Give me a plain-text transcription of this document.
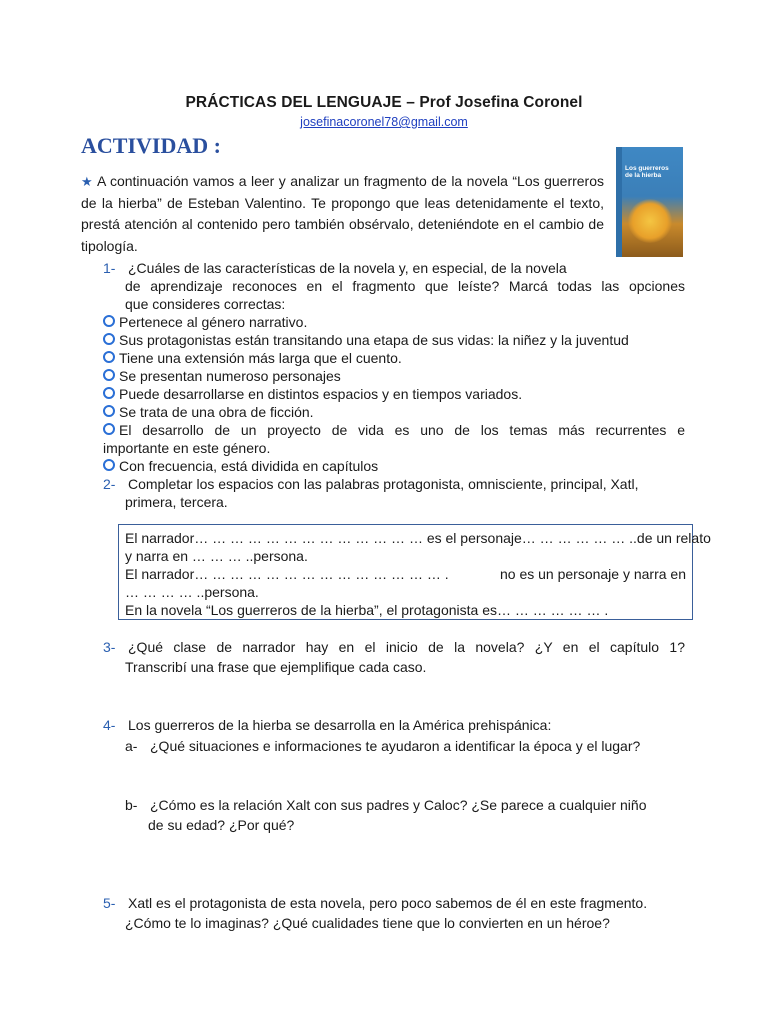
PRÁCTICAS DEL LENGUAJE – Prof Josefina Coronel
josefinacoronel78@gmail.com
ACTIVIDAD :
Los guerreros
de la hierba
★ A continuación vamos a leer y analizar un fragmento de la novela “Los guerreros de la hierba” de Esteban Valentino. Te propongo que leas detenidamente el texto, prestá atención al contenido pero también obsérvalo, deteniéndote en el cambio de tipología.
1- ¿Cuáles de las características de la novela y, en especial, de la novela
de aprendizaje reconoces en el fragmento que leíste? Marcá todas las opciones
que consideres correctas:
Pertenece al género narrativo.
Sus protagonistas están transitando una etapa de sus vidas: la niñez y la juventud
Tiene una extensión más larga que el cuento.
Se presentan numeroso personajes
Puede desarrollarse en distintos espacios y en tiempos variados.
Se trata de una obra de ficción.
El desarrollo de un proyecto de vida es uno de los temas más recurrentes e
importante en este género.
Con frecuencia, está dividida en capítulos
2- Completar los espacios con las palabras protagonista, omnisciente, principal, Xatl,
primera, tercera.
El narrador… … … … … … … … … … … … … es el personaje… … … … … … ..de un relato
y narra en … … … ..persona.
El narrador… … … … … … … … … … … … … … .	no es un personaje y narra en
… … … … ..persona.
En la novela “Los guerreros de la hierba”, el protagonista es… … … … … … .
3- ¿Qué clase de narrador hay en el inicio de la novela? ¿Y en el capítulo 1?
Transcribí una frase que ejemplifique cada caso.
4- Los guerreros de la hierba se desarrolla en la América prehispánica:
a- ¿Qué situaciones e informaciones te ayudaron a identificar la época y el lugar?
b- ¿Cómo es la relación Xalt con sus padres y Caloc? ¿Se parece a cualquier niño
de su edad? ¿Por qué?
5- Xatl es el protagonista de esta novela, pero poco sabemos de él en este fragmento.
¿Cómo te lo imaginas? ¿Qué cualidades tiene que lo convierten en un héroe?
